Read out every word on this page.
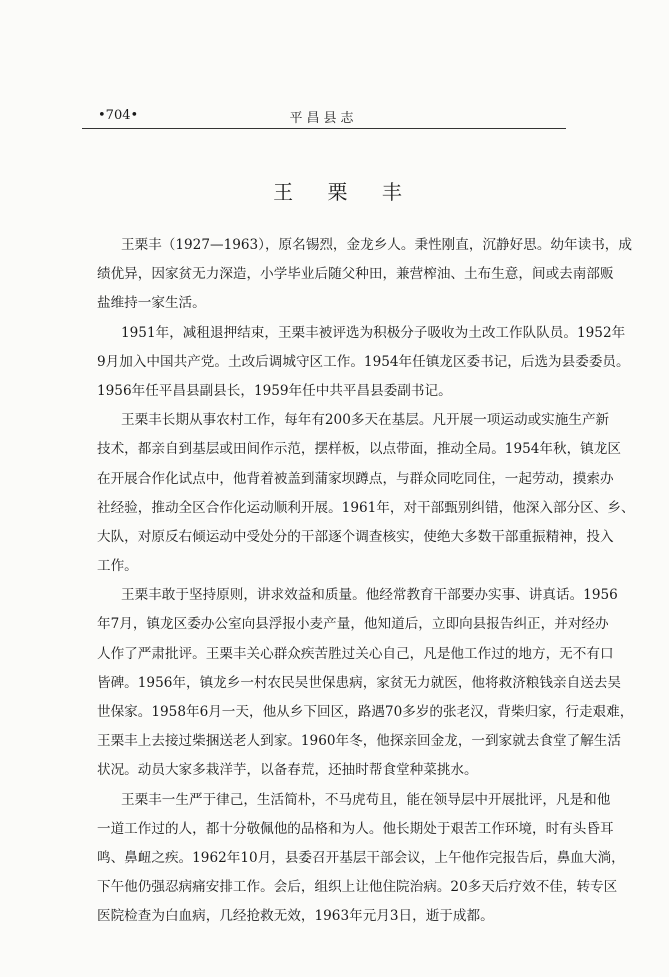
•704•	平昌县志
王 栗 丰
王栗丰（1927—1963），原名锡烈，金龙乡人。秉性刚直，沉静好思。幼年读书，成
绩优异，因家贫无力深造，小学毕业后随父种田，兼营榨油、土布生意，间或去南部贩
盐维持一家生活。
1951年，减租退押结束，王栗丰被评选为积极分子吸收为土改工作队队员。1952年
9月加入中国共产党。土改后调城守区工作。1954年任镇龙区委书记，后选为县委委员。
1956年任平昌县副县长，1959年任中共平昌县委副书记。
王栗丰长期从事农村工作，每年有200多天在基层。凡开展一项运动或实施生产新
技术，都亲自到基层或田间作示范，摆样板，以点带面，推动全局。1954年秋，镇龙区
在开展合作化试点中，他背着被盖到蒲家坝蹲点，与群众同吃同住，一起劳动，摸索办
社经验，推动全区合作化运动顺利开展。1961年，对干部甄别纠错，他深入部分区、乡、
大队，对原反右倾运动中受处分的干部逐个调查核实，使绝大多数干部重振精神，投入
工作。
王栗丰敢于坚持原则，讲求效益和质量。他经常教育干部要办实事、讲真话。1956
年7月，镇龙区委办公室向县浮报小麦产量，他知道后，立即向县报告纠正，并对经办
人作了严肃批评。王栗丰关心群众疾苦胜过关心自己，凡是他工作过的地方，无不有口
皆碑。1956年，镇龙乡一村农民吴世保患病，家贫无力就医，他将救济粮钱亲自送去吴
世保家。1958年6月一天，他从乡下回区，路遇70多岁的张老汉，背柴归家，行走艰难，
王栗丰上去接过柴捆送老人到家。1960年冬，他探亲回金龙，一到家就去食堂了解生活
状况。动员大家多栽洋芋，以备春荒，还抽时帮食堂种菜挑水。
王栗丰一生严于律己，生活简朴，不马虎苟且，能在领导层中开展批评，凡是和他
一道工作过的人，都十分敬佩他的品格和为人。他长期处于艰苦工作环境，时有头昏耳
鸣、鼻衄之疾。1962年10月，县委召开基层干部会议，上午他作完报告后，鼻血大淌，
下午他仍强忍病痛安排工作。会后，组织上让他住院治病。20多天后疗效不佳，转专区
医院检查为白血病，几经抢救无效，1963年元月3日，逝于成都。
